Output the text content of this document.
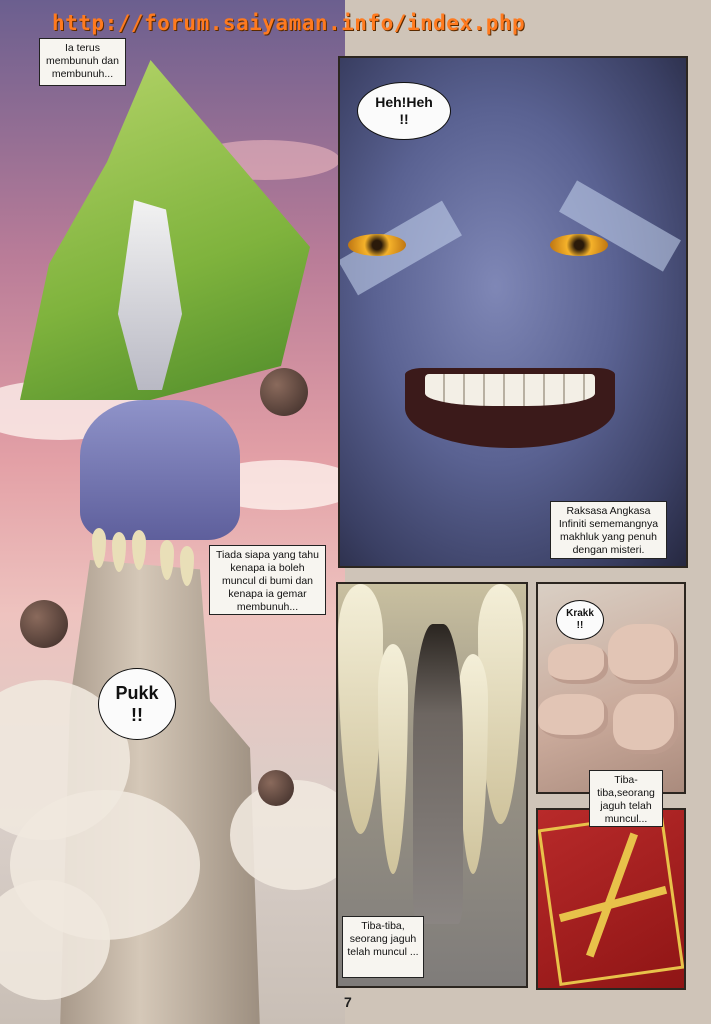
http://forum.saiyaman.info/index.php
Ia terus membunuh dan membunuh...
Tiada siapa yang tahu kenapa ia boleh muncul di bumi dan kenapa ia gemar membunuh...
Raksasa Angkasa Infiniti sememangnya makhluk yang penuh dengan misteri.
Tiba-tiba,seorang jaguh telah muncul...
Tiba-tiba, seorang jaguh telah muncul ...
Heh!Heh !!
Pukk !!
Krakk !!
7
